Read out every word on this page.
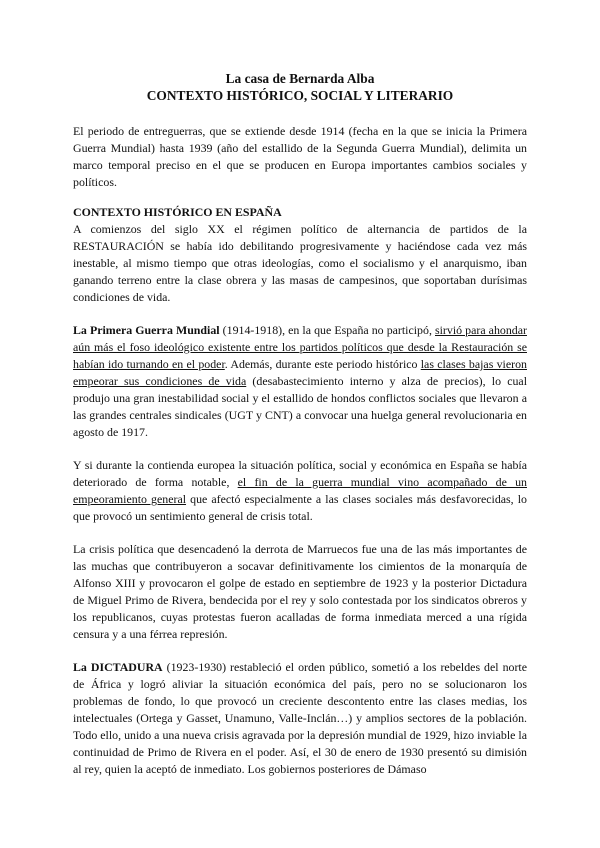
La casa de Bernarda Alba
CONTEXTO HISTÓRICO, SOCIAL Y LITERARIO

El periodo de entreguerras, que se extiende desde 1914 (fecha en la que se inicia la Primera Guerra Mundial) hasta 1939 (año del estallido de la Segunda Guerra Mundial), delimita un marco temporal preciso en el que se producen en Europa importantes cambios sociales y políticos.

CONTEXTO HISTÓRICO EN ESPAÑA

A comienzos del siglo XX el régimen político de alternancia de partidos de la RESTAURACIÓN se había ido debilitando progresivamente y haciéndose cada vez más inestable, al mismo tiempo que otras ideologías, como el socialismo y el anarquismo, iban ganando terreno entre la clase obrera y las masas de campesinos, que soportaban durísimas condiciones de vida.

La Primera Guerra Mundial (1914-1918), en la que España no participó, sirvió para ahondar aún más el foso ideológico existente entre los partidos políticos que desde la Restauración se habían ido turnando en el poder. Además, durante este periodo histórico las clases bajas vieron empeorar sus condiciones de vida (desabastecimiento interno y alza de precios), lo cual produjo una gran inestabilidad social y el estallido de hondos conflictos sociales que llevaron a las grandes centrales sindicales (UGT y CNT) a convocar una huelga general revolucionaria en agosto de 1917.

Y si durante la contienda europea la situación política, social y económica en España se había deteriorado de forma notable, el fin de la guerra mundial vino acompañado de un empeoramiento general que afectó especialmente a las clases sociales más desfavorecidas, lo que provocó un sentimiento general de crisis total.

La crisis política que desencadenó la derrota de Marruecos fue una de las más importantes de las muchas que contribuyeron a socavar definitivamente los cimientos de la monarquía de Alfonso XIII y provocaron el golpe de estado en septiembre de 1923 y la posterior Dictadura de Miguel Primo de Rivera, bendecida por el rey y solo contestada por los sindicatos obreros y los republicanos, cuyas protestas fueron acalladas de forma inmediata merced a una rígida censura y a una férrea represión.

La DICTADURA (1923-1930) restableció el orden público, sometió a los rebeldes del norte de África y logró aliviar la situación económica del país, pero no se solucionaron los problemas de fondo, lo que provocó un creciente descontento entre las clases medias, los intelectuales (Ortega y Gasset, Unamuno, Valle-Inclán…) y amplios sectores de la población. Todo ello, unido a una nueva crisis agravada por la depresión mundial de 1929, hizo inviable la continuidad de Primo de Rivera en el poder. Así, el 30 de enero de 1930 presentó su dimisión al rey, quien la aceptó de inmediato. Los gobiernos posteriores de Dámaso
